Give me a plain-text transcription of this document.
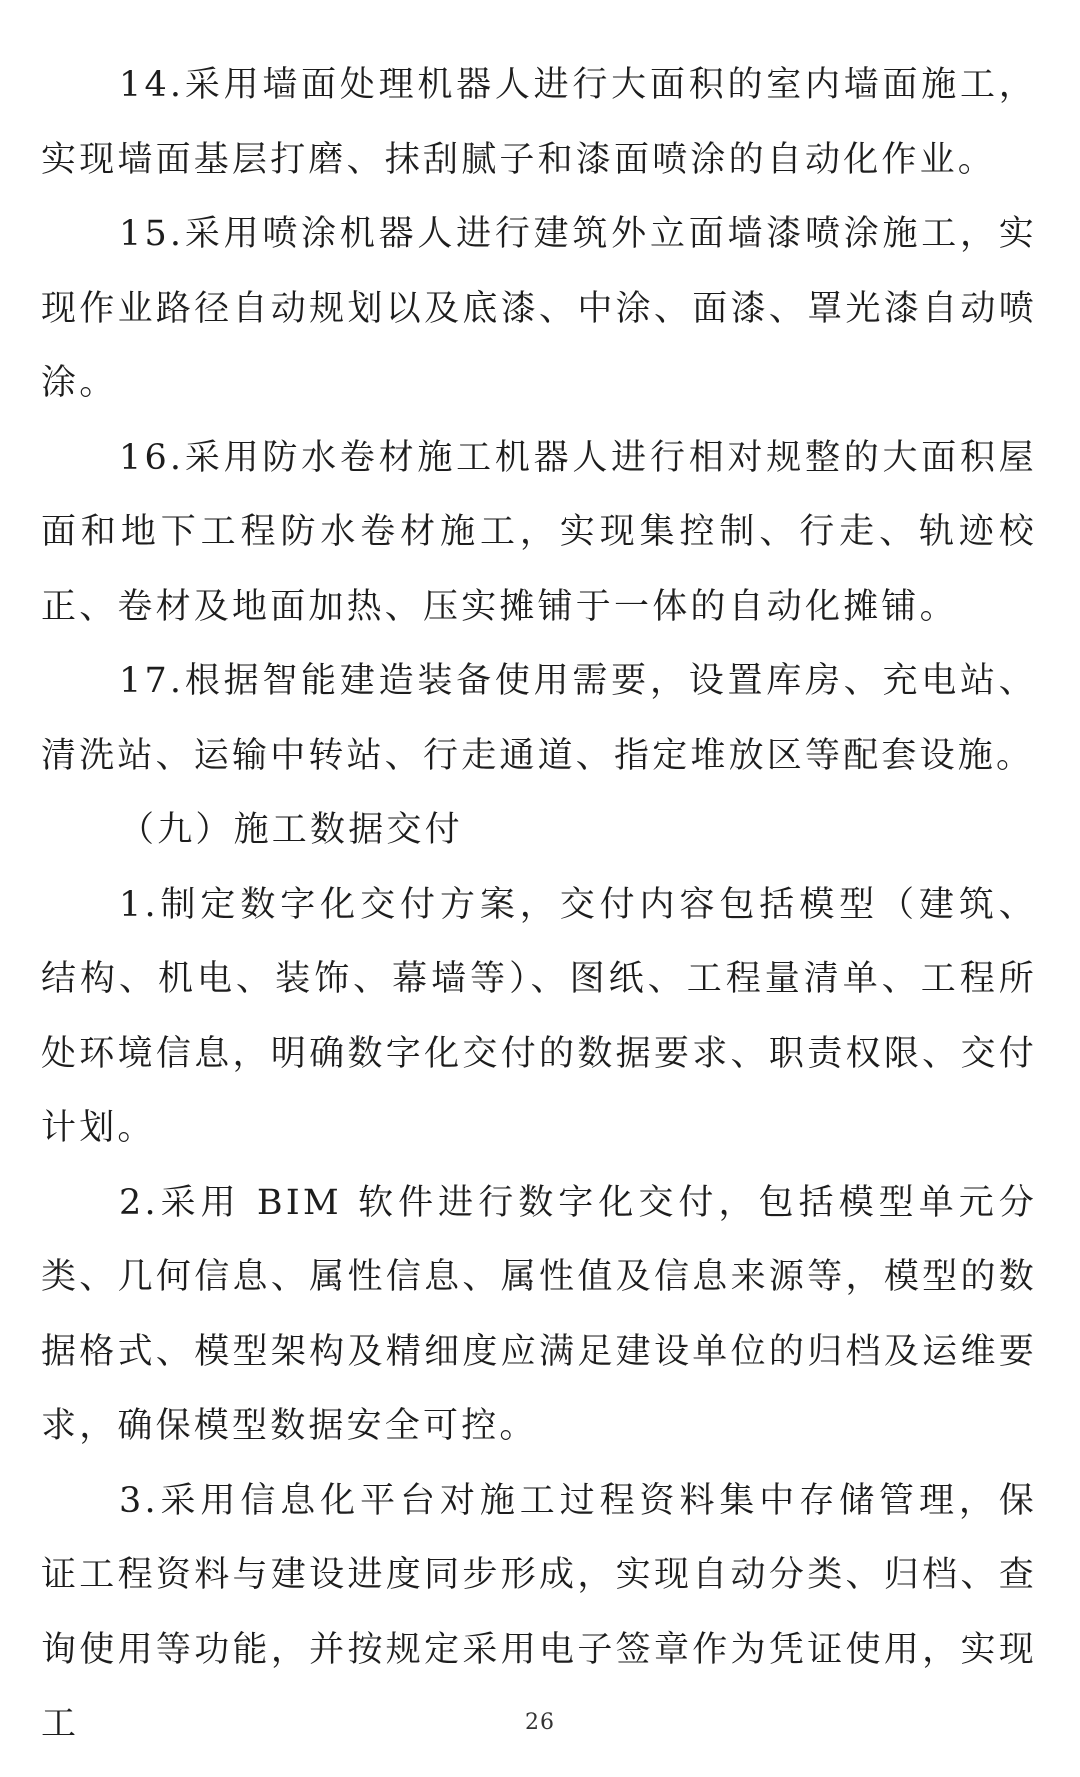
14.采用墙面处理机器人进行大面积的室内墙面施工，实现墙面基层打磨、抹刮腻子和漆面喷涂的自动化作业。

15.采用喷涂机器人进行建筑外立面墙漆喷涂施工，实现作业路径自动规划以及底漆、中涂、面漆、罩光漆自动喷涂。

16.采用防水卷材施工机器人进行相对规整的大面积屋面和地下工程防水卷材施工，实现集控制、行走、轨迹校正、卷材及地面加热、压实摊铺于一体的自动化摊铺。

17.根据智能建造装备使用需要，设置库房、充电站、清洗站、运输中转站、行走通道、指定堆放区等配套设施。

（九）施工数据交付

1.制定数字化交付方案，交付内容包括模型（建筑、结构、机电、装饰、幕墙等）、图纸、工程量清单、工程所处环境信息，明确数字化交付的数据要求、职责权限、交付计划。

2.采用 BIM 软件进行数字化交付，包括模型单元分类、几何信息、属性信息、属性值及信息来源等，模型的数据格式、模型架构及精细度应满足建设单位的归档及运维要求，确保模型数据安全可控。

3.采用信息化平台对施工过程资料集中存储管理，保证工程资料与建设进度同步形成，实现自动分类、归档、查询使用等功能，并按规定采用电子签章作为凭证使用，实现工	26
